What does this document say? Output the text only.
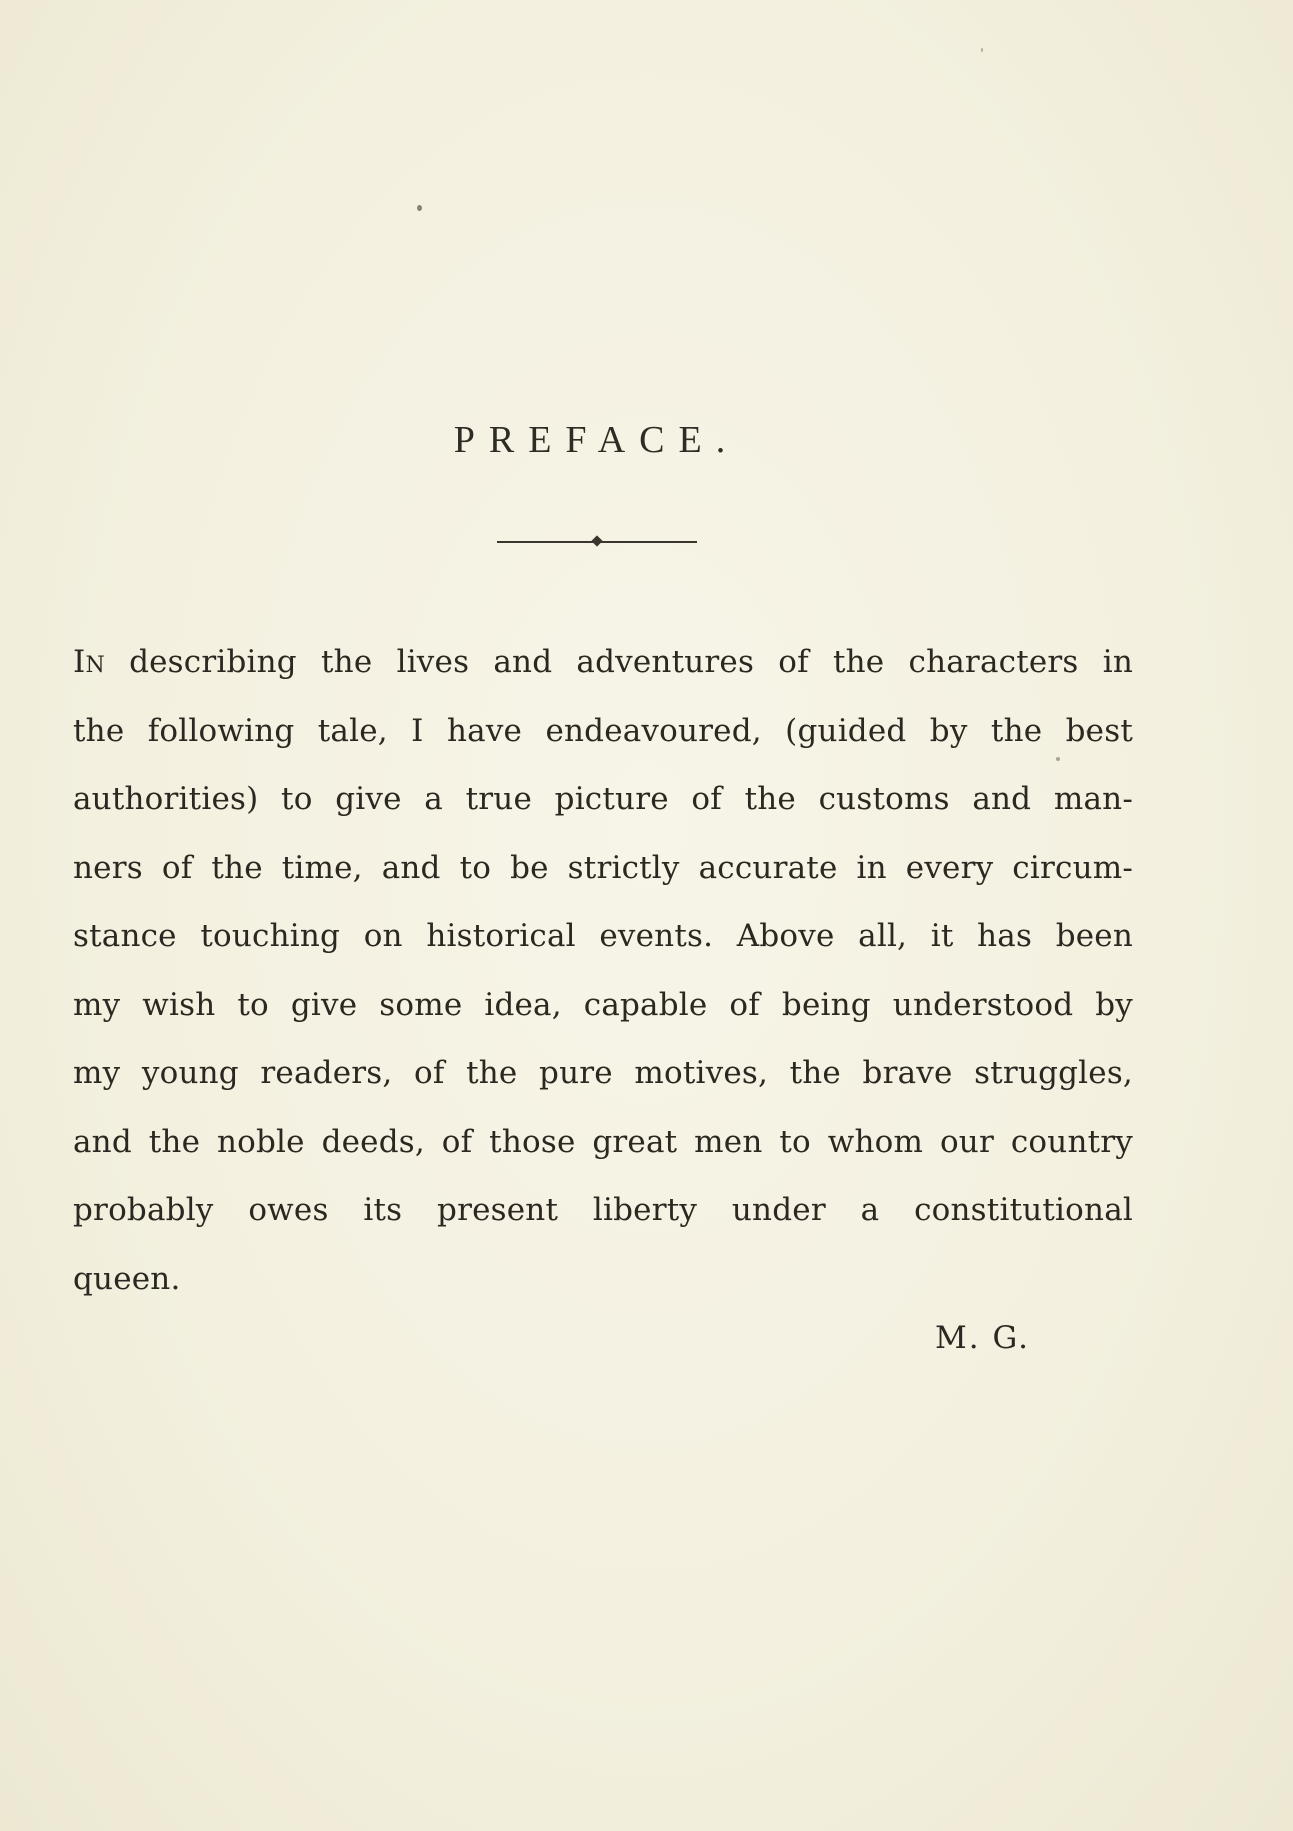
PREFACE.
In describing the lives and adventures of the characters in
the following tale, I have endeavoured, (guided by the best
authorities) to give a true picture of the customs and man-
ners of the time, and to be strictly accurate in every circum-
stance touching on historical events. Above all, it has been
my wish to give some idea, capable of being understood by
my young readers, of the pure motives, the brave struggles,
and the noble deeds, of those great men to whom our country
probably owes its present liberty under a constitutional
queen.
M. G.
